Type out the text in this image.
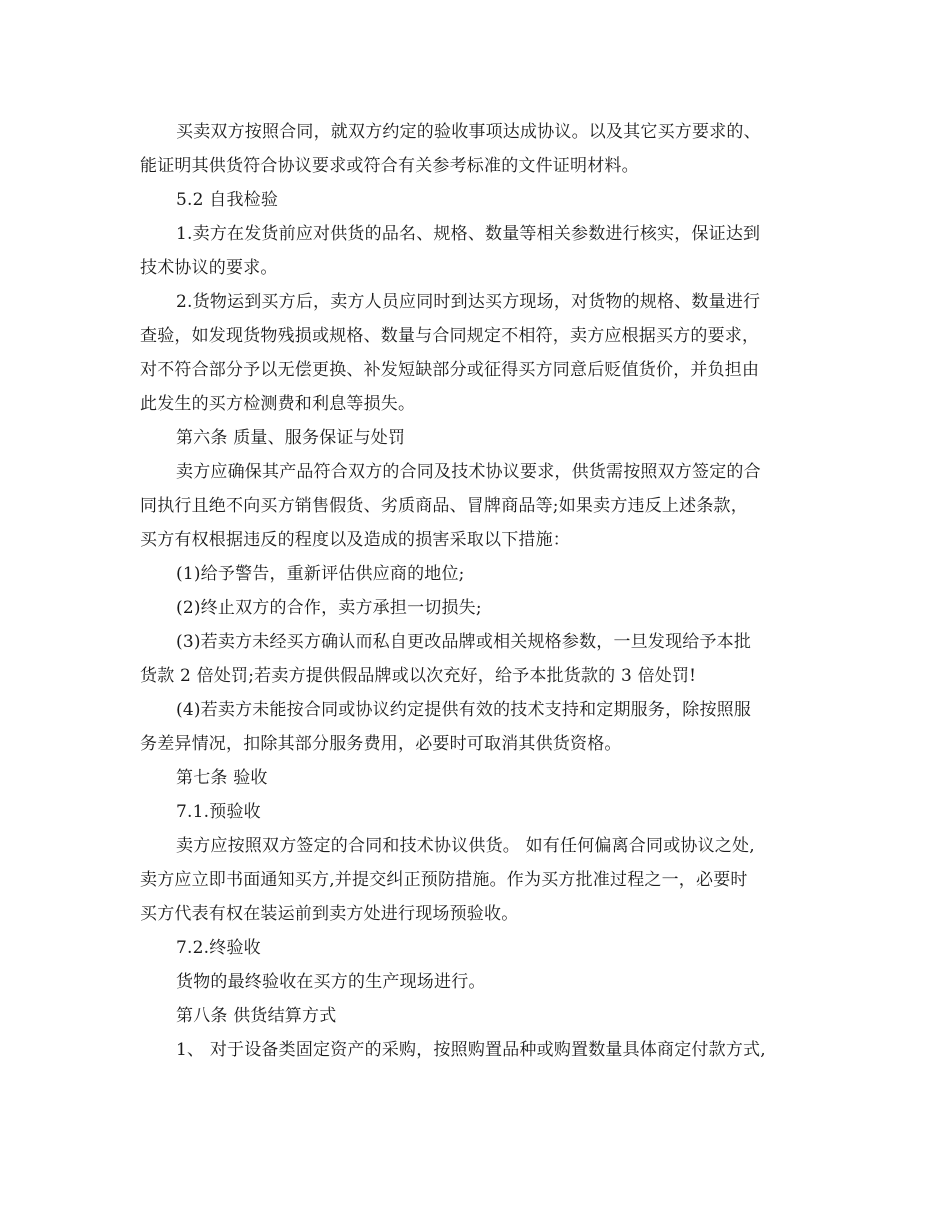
买卖双方按照合同，就双方约定的验收事项达成协议。以及其它买方要求的、
能证明其供货符合协议要求或符合有关参考标准的文件证明材料。
5.2 自我检验
1.卖方在发货前应对供货的品名、规格、数量等相关参数进行核实，保证达到
技术协议的要求。
2.货物运到买方后，卖方人员应同时到达买方现场，对货物的规格、数量进行
查验，如发现货物残损或规格、数量与合同规定不相符，卖方应根据买方的要求，
对不符合部分予以无偿更换、补发短缺部分或征得买方同意后贬值货价，并负担由
此发生的买方检测费和利息等损失。
第六条 质量、服务保证与处罚
卖方应确保其产品符合双方的合同及技术协议要求，供货需按照双方签定的合
同执行且绝不向买方销售假货、劣质商品、冒牌商品等;如果卖方违反上述条款，
买方有权根据违反的程度以及造成的损害采取以下措施：
(1)给予警告，重新评估供应商的地位;
(2)终止双方的合作，卖方承担一切损失;
(3)若卖方未经买方确认而私自更改品牌或相关规格参数，一旦发现给予本批
货款 2 倍处罚;若卖方提供假品牌或以次充好，给予本批货款的 3 倍处罚!
(4)若卖方未能按合同或协议约定提供有效的技术支持和定期服务，除按照服
务差异情况，扣除其部分服务费用，必要时可取消其供货资格。
第七条 验收
7.1.预验收
卖方应按照双方签定的合同和技术协议供货。 如有任何偏离合同或协议之处,
卖方应立即书面通知买方,并提交纠正预防措施。作为买方批准过程之一，必要时
买方代表有权在装运前到卖方处进行现场预验收。
7.2.终验收
货物的最终验收在买方的生产现场进行。
第八条 供货结算方式
1、 对于设备类固定资产的采购，按照购置品种或购置数量具体商定付款方式,
